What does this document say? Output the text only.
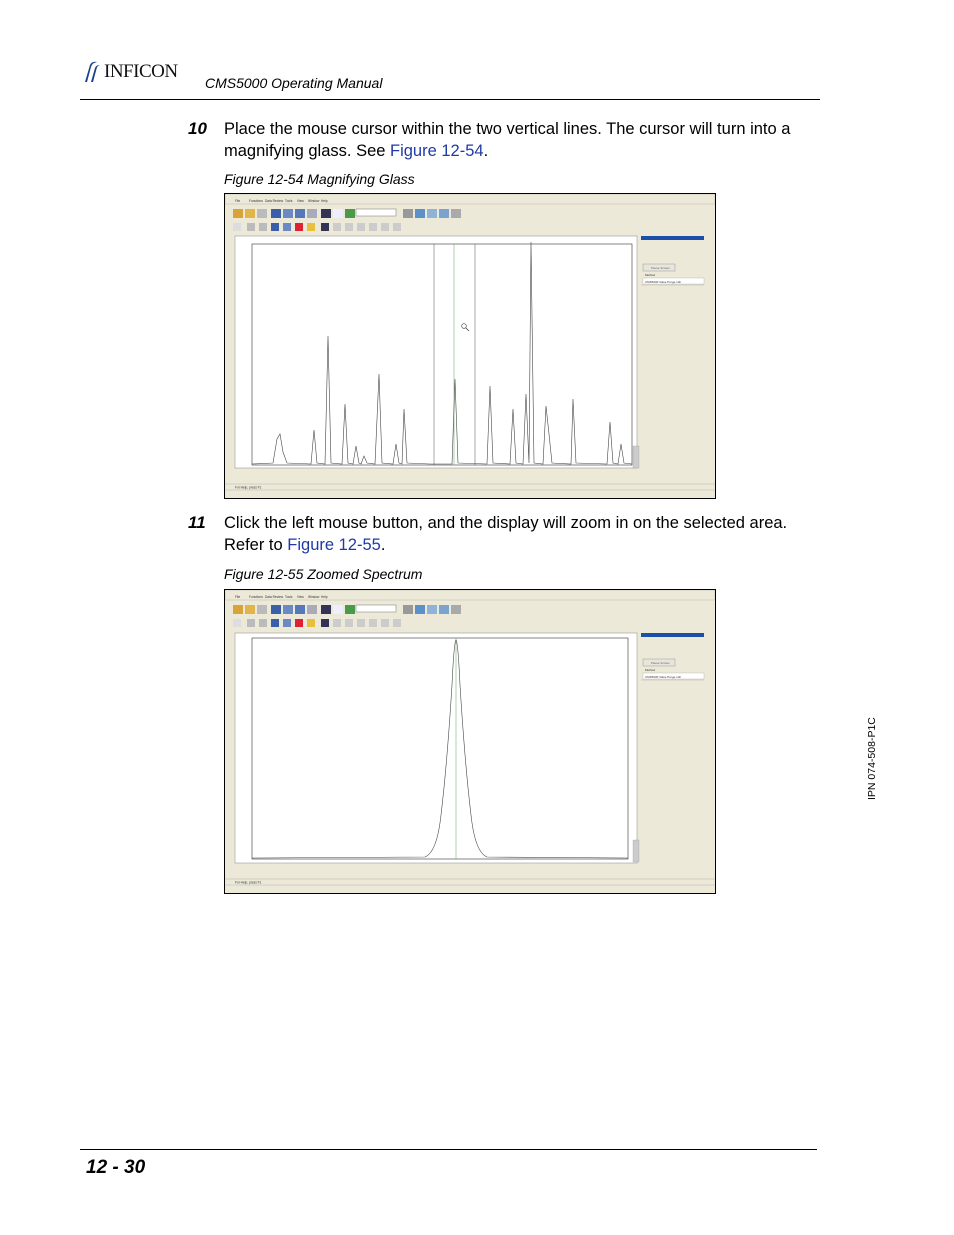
INFICON
CMS5000 Operating Manual
10 Place the mouse cursor within the two vertical lines. The cursor will turn into a magnifying glass. See Figure 12-54.
Figure 12-54 Magnifying Glass
File	Functions Data Review Tools View Window Help
Pause Screen
Method
CMS5000 Valve Purge.mth
For Help, press F1
11 Click the left mouse button, and the display will zoom in on the selected area. Refer to Figure 12-55.
Figure 12-55 Zoomed Spectrum
File	Functions Data Review Tools View Window Help
Pause Screen
Method
CMS5000 Valve Purge.mth
For Help, press F1
IPN 074-508-P1C
12 - 30
